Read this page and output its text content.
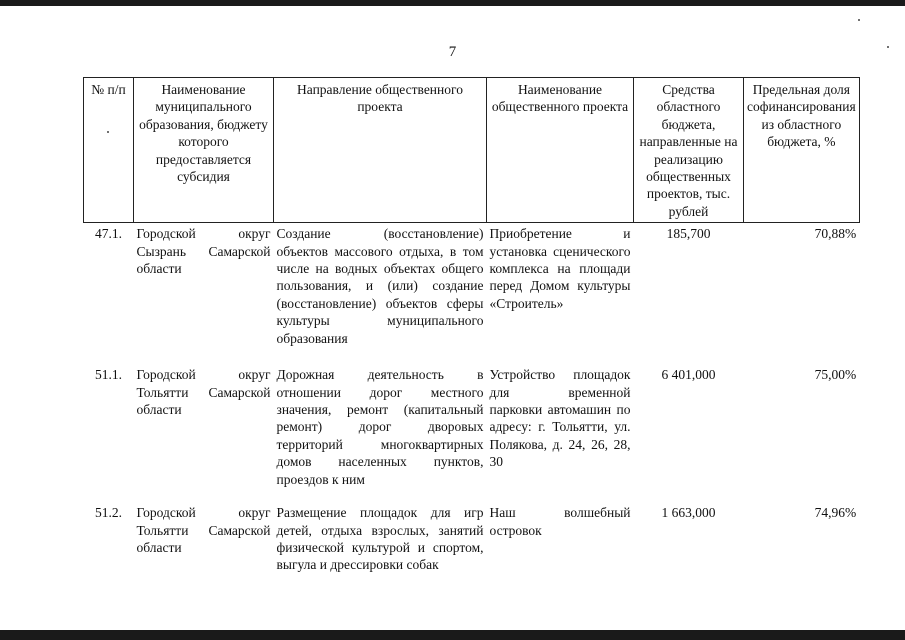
7
№ п/п	Наименование муниципального образования, бюджету которого предоставляется субсидия	Направление общественного проекта	Наименование общественного проекта	Средства областного бюджета, направленные на реализацию общественных проектов, тыс. рублей	Предельная доля софинансирования из областного бюджета, %
47.1.	Городской округ Сызрань Самарской области	Создание (восстановление) объектов массового отдыха, в том числе на водных объектах общего пользования, и (или) создание (восстановление) объектов сферы культуры муниципального образования	Приобретение и установка сценического комплекса на площади перед Домом культуры «Строитель»	185,700	70,88%
51.1.	Городской округ Тольятти Самарской области	Дорожная деятельность в отношении дорог местного значения, ремонт (капитальный ремонт) дорог дворовых территорий многоквартирных домов населенных пунктов, проездов к ним	Устройство площадок для временной парковки автомашин по адресу: г. Тольятти, ул. Полякова, д. 24, 26, 28, 30	6 401,000	75,00%
51.2.	Городской округ Тольятти Самарской области	Размещение площадок для игр детей, отдыха взрослых, занятий физической культурой и спортом, выгула и дрессировки собак	Наш волшебный островок	1 663,000	74,96%
